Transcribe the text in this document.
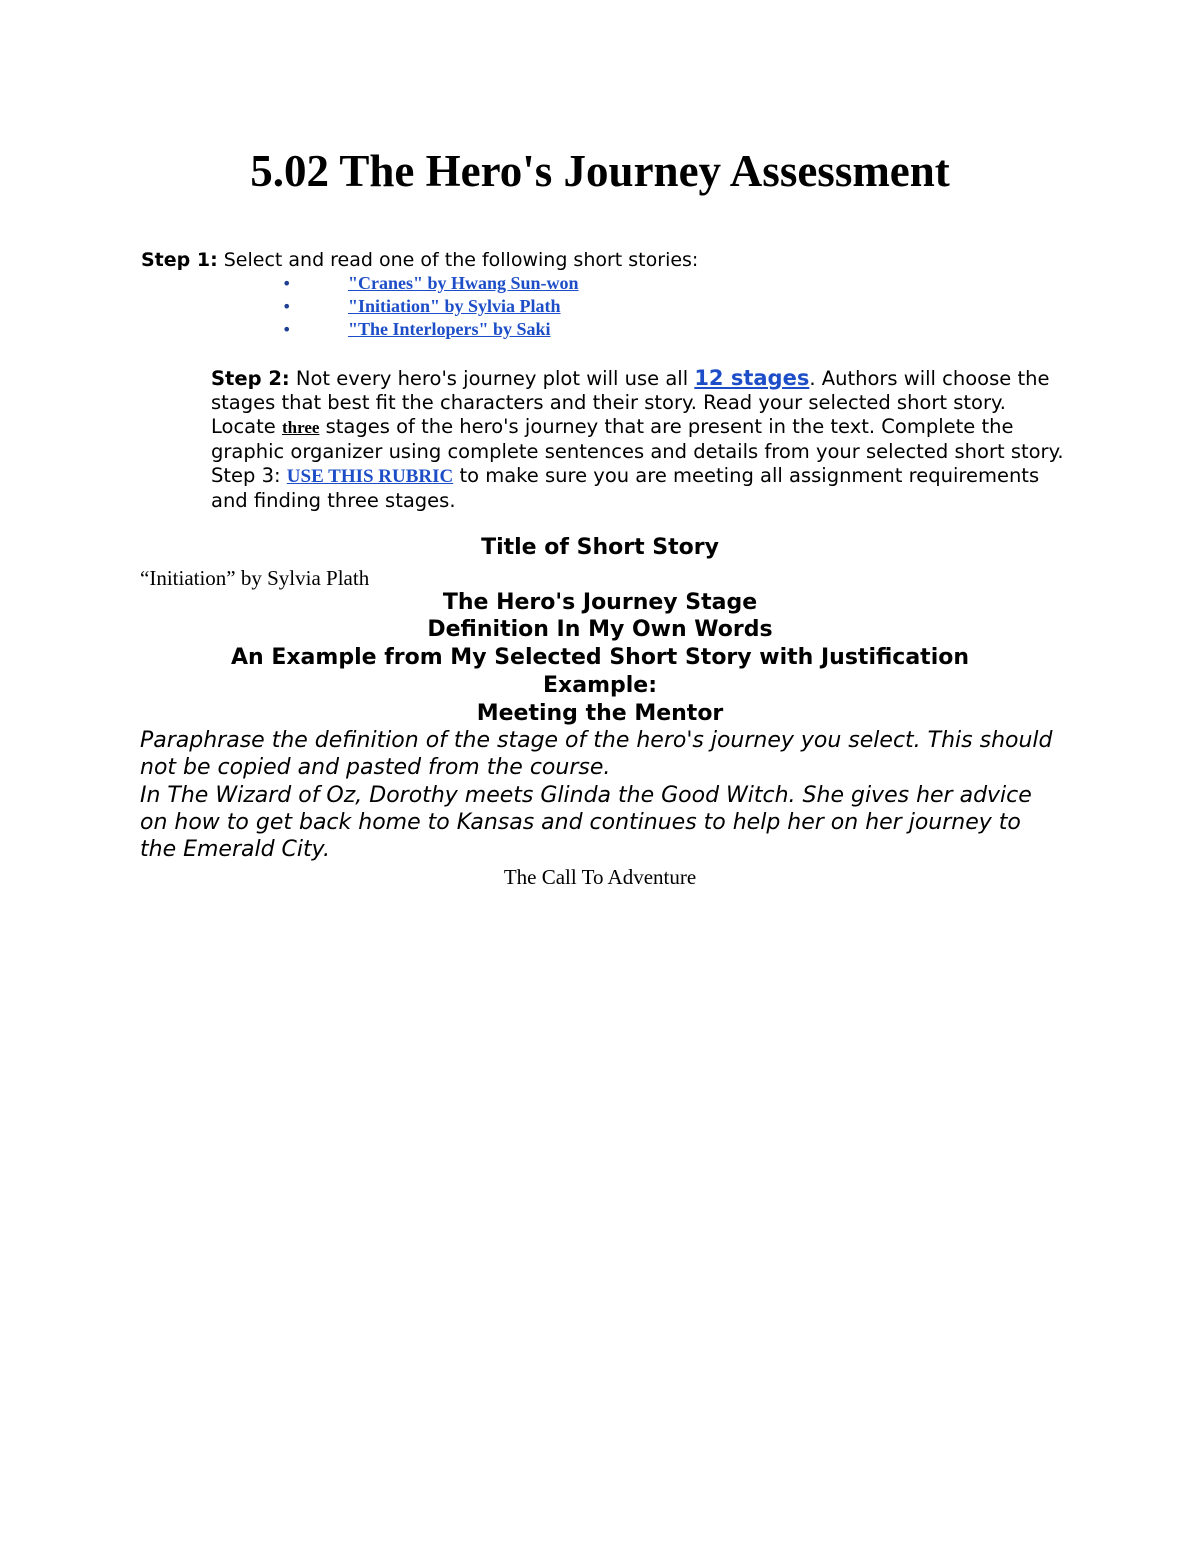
5.02 The Hero's Journey Assessment
Step 1: Select and read one of the following short stories:
•	"Cranes" by Hwang Sun-won
•	"Initiation" by Sylvia Plath
•	"The Interlopers" by Saki

Step 2: Not every hero's journey plot will use all 12 stages. Authors will choose the stages that best fit the characters and their story. Read your selected short story. Locate three stages of the hero's journey that are present in the text. Complete the graphic organizer using complete sentences and details from your selected short story.

Step 3: USE THIS RUBRIC to make sure you are meeting all assignment requirements and finding three stages.

Title of Short Story
“Initiation” by Sylvia Plath
The Hero's Journey Stage
Definition In My Own Words
An Example from My Selected Short Story with Justification
Example:
Meeting the Mentor

Paraphrase the definition of the stage of the hero's journey you select. This should not be copied and pasted from the course.

In The Wizard of Oz, Dorothy meets Glinda the Good Witch. She gives her advice on how to get back home to Kansas and continues to help her on her journey to the Emerald City.

The Call To Adventure
